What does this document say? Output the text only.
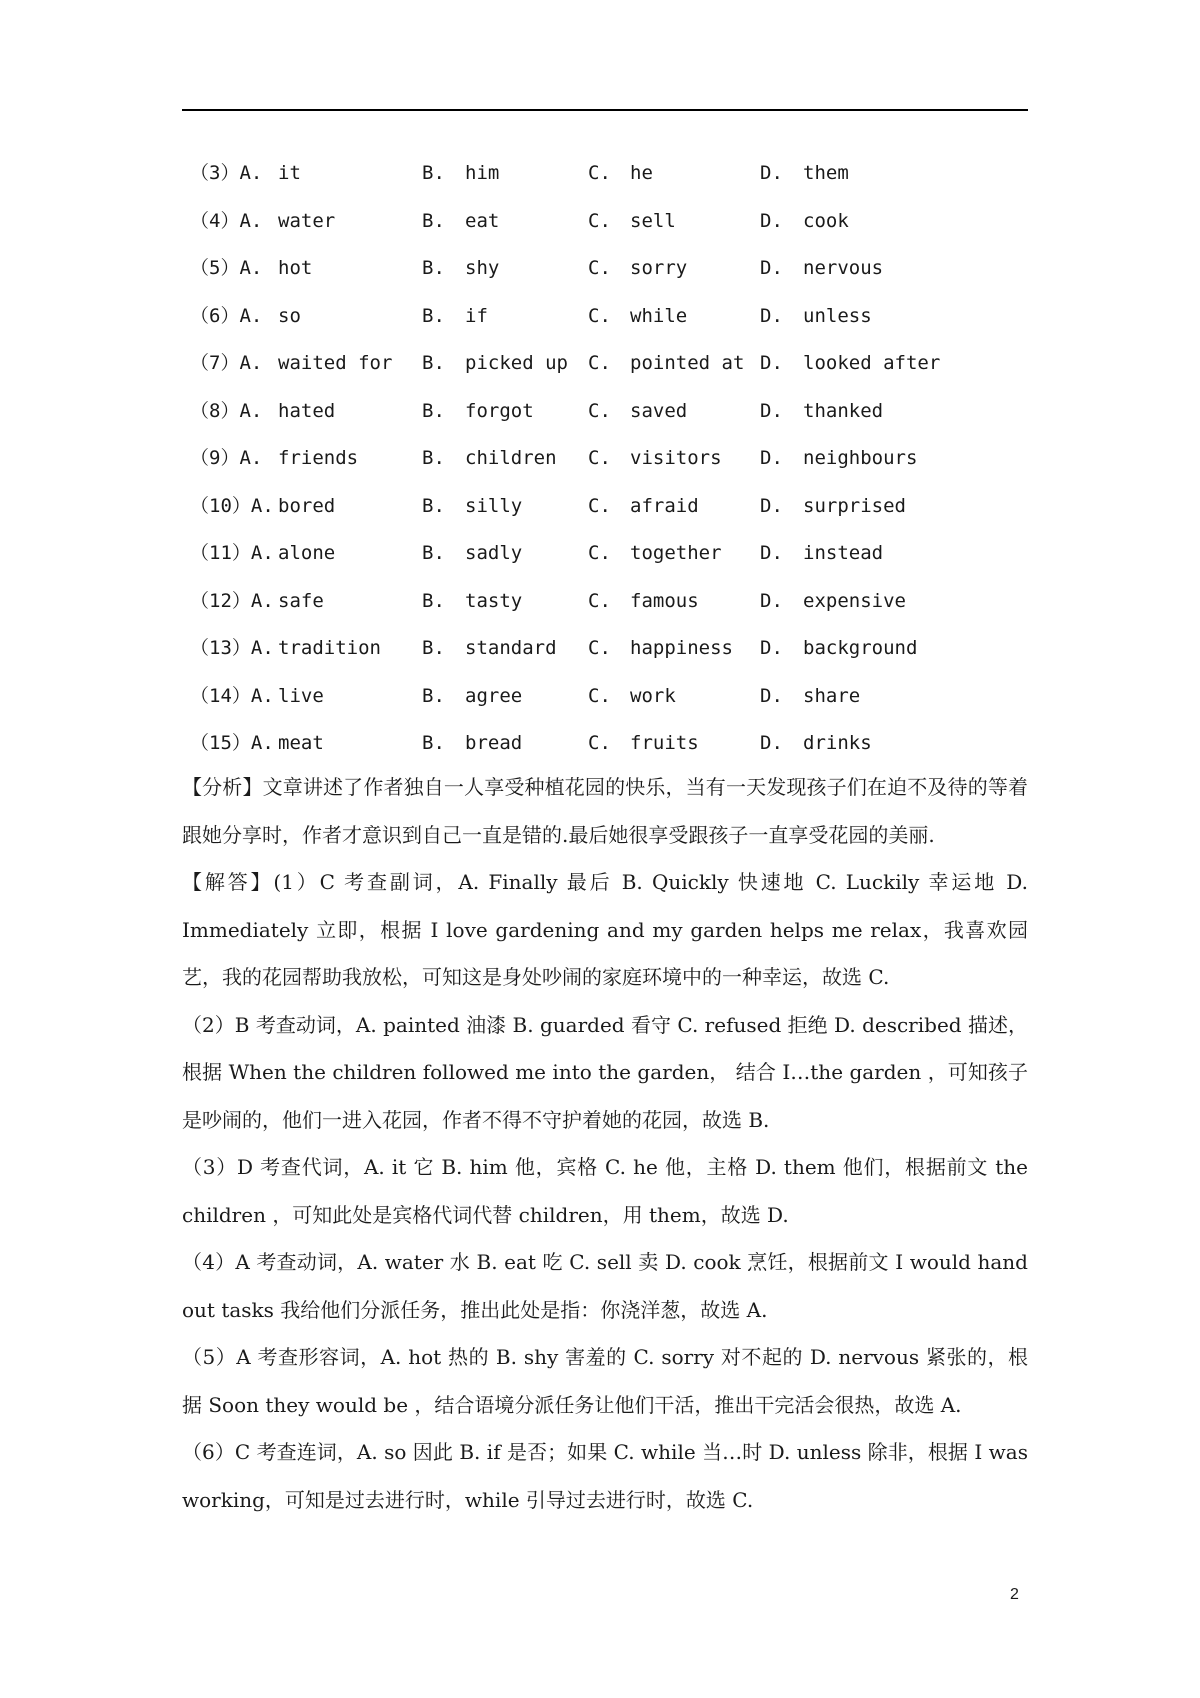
（3）A. it	B. him	C. he	D. them
（4）A. water	B. eat	C. sell	D. cook
（5）A. hot	B. shy	C. sorry	D. nervous
（6）A. so	B. if	C. while	D. unless
（7）A. waited for B. picked up C. pointed at D. looked after
（8）A. hated	B. forgot	C. saved	D. thanked
（9）A. friends	B. children C. visitors D. neighbours
（10）A. bored	B. silly	C. afraid	D. surprised
（11）A. alone	B. sadly	C. together D. instead
（12）A. safe	B. tasty	C. famous	D. expensive
（13）A. tradition B. standard C. happiness D. background
（14）A. live	B. agree	C. work	D. share
（15）A. meat	B. bread	C. fruits	D. drinks

【分析】文章讲述了作者独自一人享受种植花园的快乐，当有一天发现孩子们在迫不及待的等着跟她分享时，作者才意识到自己一直是错的.最后她很享受跟孩子一直享受花园的美丽.

【解答】(1）C 考查副词，A. Finally 最后 B. Quickly 快速地 C. Luckily 幸运地 D. Immediately 立即，根据 I love gardening and my garden helps me relax，我喜欢园艺，我的花园帮助我放松，可知这是身处吵闹的家庭环境中的一种幸运，故选 C.

（2）B 考查动词，A. painted 油漆 B. guarded 看守 C. refused 拒绝 D. described 描述，根据 When the children followed me into the garden， 结合 I…the garden ，可知孩子是吵闹的，他们一进入花园，作者不得不守护着她的花园，故选 B.

（3）D 考查代词，A. it 它 B. him 他，宾格 C. he 他，主格 D. them 他们，根据前文 the children ，可知此处是宾格代词代替 children，用 them，故选 D.

（4）A 考查动词，A. water 水 B. eat 吃 C. sell 卖 D. cook 烹饪，根据前文 I would hand out tasks 我给他们分派任务，推出此处是指：你浇洋葱，故选 A.

（5）A 考查形容词，A. hot 热的 B. shy 害羞的 C. sorry 对不起的 D. nervous 紧张的，根据 Soon they would be ，结合语境分派任务让他们干活，推出干完活会很热，故选 A.

（6）C 考查连词，A. so 因此 B. if 是否；如果 C. while 当…时 D. unless 除非，根据 I was working，可知是过去进行时，while 引导过去进行时，故选 C.

2
